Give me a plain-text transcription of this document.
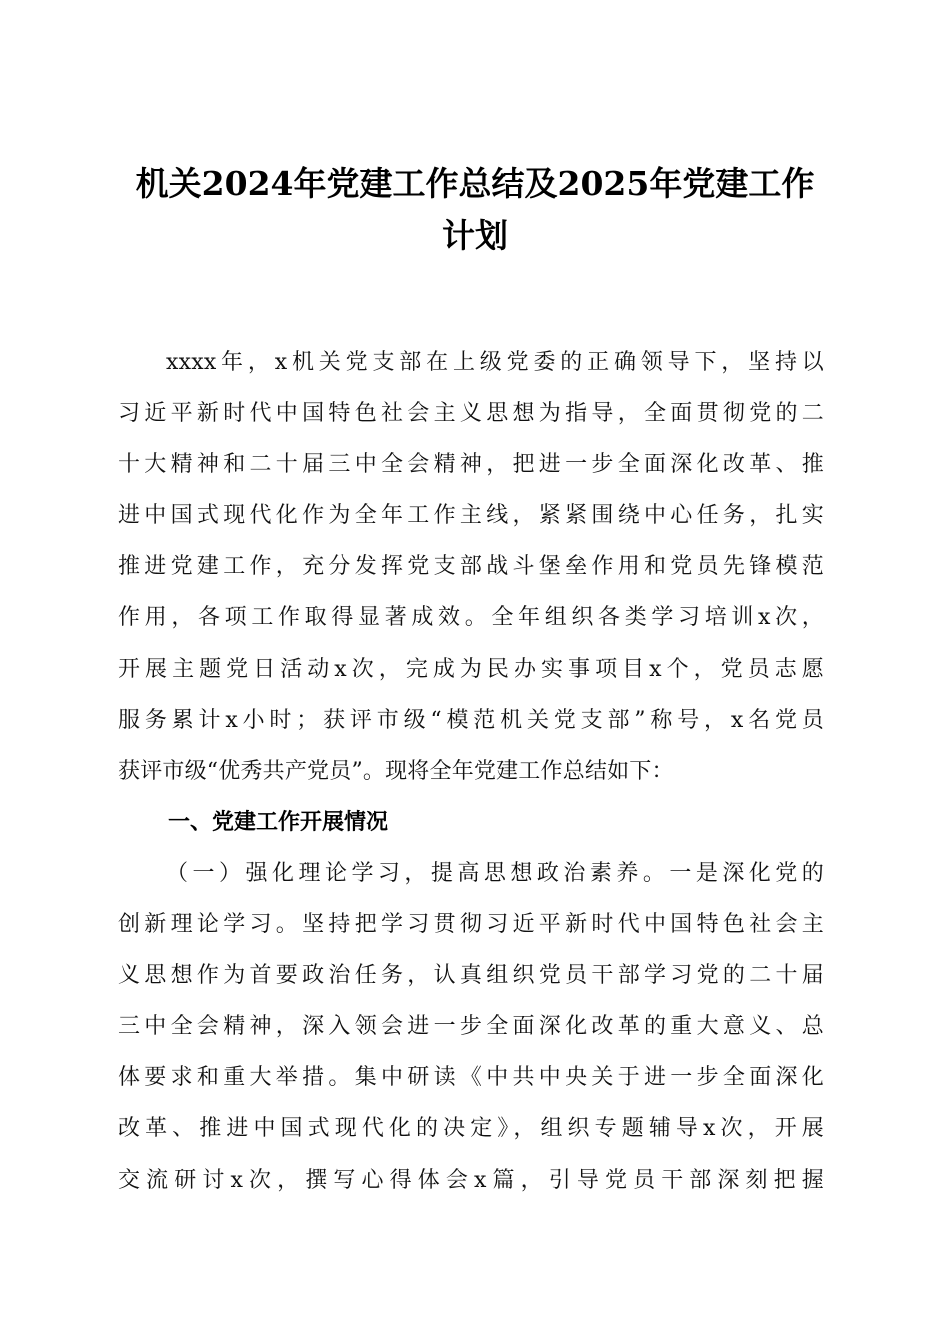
机关2024年党建工作总结及2025年党建工作
计划
xxxx年，x机关党支部在上级党委的正确领导下，坚持以
习近平新时代中国特色社会主义思想为指导，全面贯彻党的二
十大精神和二十届三中全会精神，把进一步全面深化改革、推
进中国式现代化作为全年工作主线，紧紧围绕中心任务，扎实
推进党建工作，充分发挥党支部战斗堡垒作用和党员先锋模范
作用，各项工作取得显著成效。全年组织各类学习培训x次，
开展主题党日活动x次，完成为民办实事项目x个，党员志愿
服务累计x小时；获评市级“模范机关党支部”称号，x名党员
获评市级“优秀共产党员”。现将全年党建工作总结如下：
一、党建工作开展情况
（一）强化理论学习，提高思想政治素养。一是深化党的
创新理论学习。坚持把学习贯彻习近平新时代中国特色社会主
义思想作为首要政治任务，认真组织党员干部学习党的二十届
三中全会精神，深入领会进一步全面深化改革的重大意义、总
体要求和重大举措。集中研读《中共中央关于进一步全面深化
改革、推进中国式现代化的决定》，组织专题辅导x次，开展
交流研讨x次，撰写心得体会x篇，引导党员干部深刻把握
